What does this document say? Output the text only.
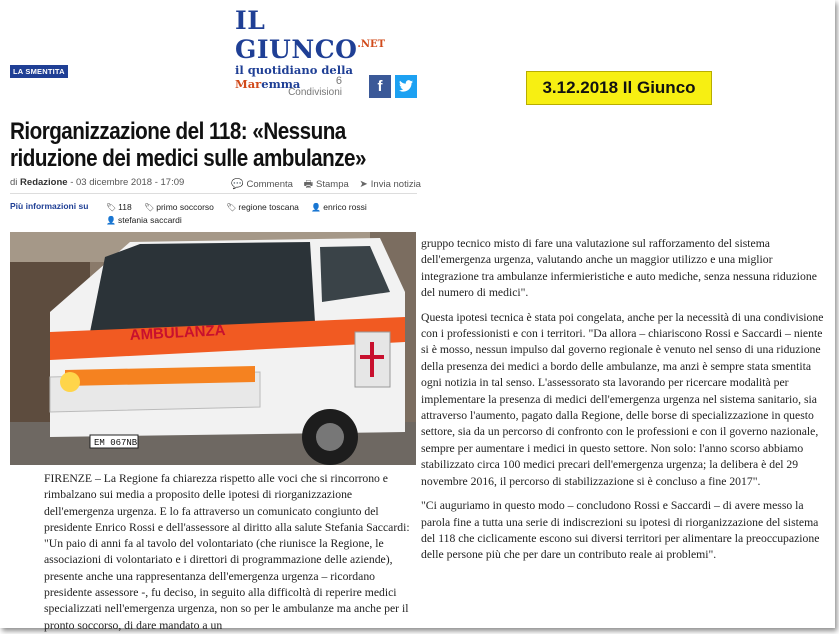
IL $GIUNCO^{.NET}$
il quotidiano della Maremma
LA SMENTITA
6
Condivisioni	f
Riorganizzazione del 118: «Nessuna riduzione dei medici sulle ambulanze»
di Redazione - 03 dicembre 2018 - 17:09	💬 Commenta 🖶 Stampa ➤ Invia notizia
Più informazioni su 🏷 118 🏷 primo soccorso 🏷 regione toscana 👤 enrico rossi 👤 stefania saccardi
AMBULANZA
EM 067NB

FIRENZE – La Regione fa chiarezza rispetto alle voci che si rincorrono e rimbalzano sui media a proposito delle ipotesi di riorganizzazione dell'emergenza urgenza. E lo fa attraverso un comunicato congiunto del presidente Enrico Rossi e dell'assessore al diritto alla salute Stefania Saccardi: "Un paio di anni fa al tavolo del volontariato (che riunisce la Regione, le associazioni di volontariato e i direttori di programmazione delle aziende), presente anche una rappresentanza dell'emergenza urgenza – ricordano presidente assessore -, fu deciso, in seguito alla difficoltà di reperire medici specializzati nell'emergenza urgenza, non so per le ambulanze ma anche per il pronto soccorso, di dare mandato a un

gruppo tecnico misto di fare una valutazione sul rafforzamento del sistema dell'emergenza urgenza, valutando anche un maggior utilizzo e una miglior integrazione tra ambulanze infermieristiche e auto mediche, senza nessuna riduzione del numero di medici".

Questa ipotesi tecnica è stata poi congelata, anche per la necessità di una condivisione con i professionisti e con i territori. "Da allora – chiariscono Rossi e Saccardi – niente si è mosso, nessun impulso dal governo regionale è venuto nel senso di una riduzione della presenza dei medici a bordo delle ambulanze, ma anzi è sempre stata smentita ogni notizia in tal senso. L'assessorato sta lavorando per ricercare modalità per implementare la presenza di medici dell'emergenza urgenza nel sistema sanitario, sia attraverso l'aumento, pagato dalla Regione, delle borse di specializzazione in questo settore, sia da un percorso di confronto con le professioni e con il governo nazionale, sempre per aumentare i medici in questo settore. Non solo: l'anno scorso abbiamo stabilizzato circa 100 medici precari dell'emergenza urgenza; la delibera è del 29 novembre 2016, il percorso di stabilizzazione si è concluso a fine 2017".

"Ci auguriamo in questo modo – concludono Rossi e Saccardi – di avere messo la parola fine a tutta una serie di indiscrezioni su ipotesi di riorganizzazione del sistema del 118 che ciclicamente escono sui diversi territori per alimentare la preoccupazione delle persone più che per dare un contributo reale ai problemi".

3.12.2018 Il Giunco
